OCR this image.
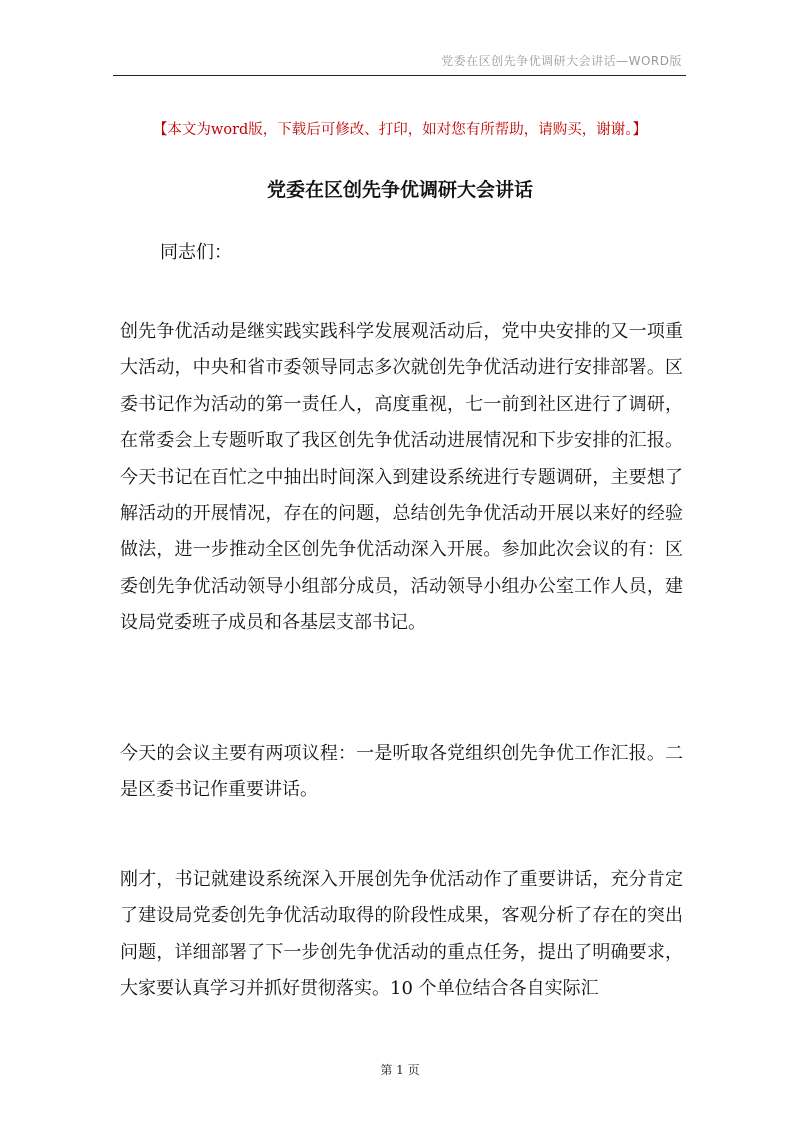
党委在区创先争优调研大会讲话—WORD版
【本文为word版，下载后可修改、打印，如对您有所帮助，请购买，谢谢。】
党委在区创先争优调研大会讲话
同志们：

创先争优活动是继实践实践科学发展观活动后，党中央安排的又一项重大活动，中央和省市委领导同志多次就创先争优活动进行安排部署。区委书记作为活动的第一责任人，高度重视，七一前到社区进行了调研，在常委会上专题听取了我区创先争优活动进展情况和下步安排的汇报。今天书记在百忙之中抽出时间深入到建设系统进行专题调研，主要想了解活动的开展情况，存在的问题，总结创先争优活动开展以来好的经验做法，进一步推动全区创先争优活动深入开展。参加此次会议的有：区委创先争优活动领导小组部分成员，活动领导小组办公室工作人员，建设局党委班子成员和各基层支部书记。

今天的会议主要有两项议程：一是听取各党组织创先争优工作汇报。二是区委书记作重要讲话。

刚才，书记就建设系统深入开展创先争优活动作了重要讲话，充分肯定了建设局党委创先争优活动取得的阶段性成果，客观分析了存在的突出问题，详细部署了下一步创先争优活动的重点任务，提出了明确要求，大家要认真学习并抓好贯彻落实。10 个单位结合各自实际汇

第 1 页
